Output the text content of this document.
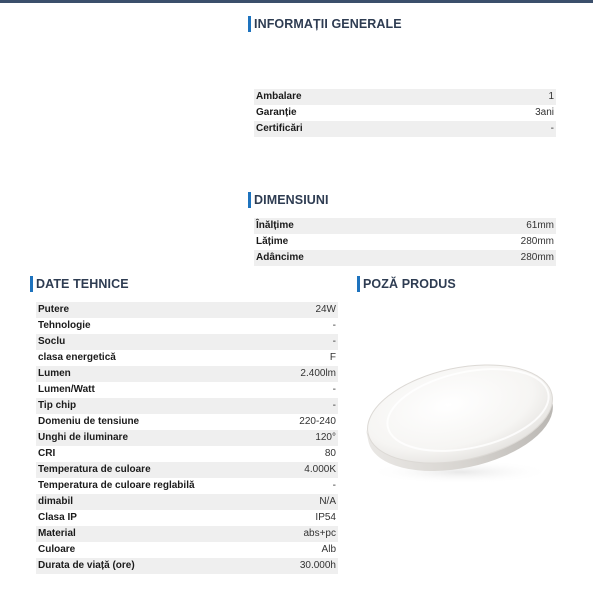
INFORMAȚII GENERALE
Ambalare	1
Garanție	3ani
Certificări	-
DIMENSIUNI
Înălțime	61mm
Lățime	280mm
Adâncime	280mm
DATE TEHNICE
Putere	24W
Tehnologie	-
Soclu	-
clasa energetică	F
Lumen	2.400lm
Lumen/Watt	-
Tip chip	-
Domeniu de tensiune	220-240
Unghi de iluminare	120°
CRI	80
Temperatura de culoare	4.000K
Temperatura de culoare reglabilă	-
dimabil	N/A
Clasa IP	IP54
Material	abs+pc
Culoare	Alb
Durata de viață (ore)	30.000h
POZĂ PRODUS
